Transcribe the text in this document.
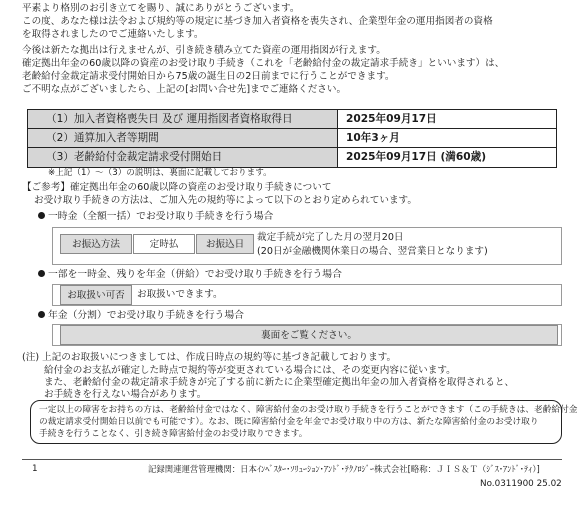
平素より格別のお引き立てを賜り、誠にありがとうございます。
この度、あなた様は法令および規約等の規定に基づき加入者資格を喪失され、企業型年金の運用指図者の資格
を取得されましたのでご連絡いたします。
今後は新たな拠出は行えませんが、引き続き積み立てた資産の運用指図が行えます。
確定拠出年金の60歳以降の資産のお受け取り手続き（これを「老齢給付金の裁定請求手続き」といいます）は、
老齢給付金裁定請求受付開始日から75歳の誕生日の2日前までに行うことができます。
ご不明な点がございましたら、上記の[お問い合せ先]までご連絡ください。
（1）加入者資格喪失日 及び 運用指図者資格取得日	2025年09月17日
（2）通算加入者等期間	10年3ヶ月
（3）老齢給付金裁定請求受付開始日	2025年09月17日 (満60歳)
※上記（1）～（3）の説明は、裏面に記載しております。
【ご参考】確定拠出年金の60歳以降の資産のお受け取り手続きについて
お受け取り手続きの方法は、ご加入先の規約等によって以下のとおり定められています。
一時金（全額一括）でお受け取り手続きを行う場合
お振込方法	定時払	お振込日
裁定手続が完了した月の翌月20日
(20日が金融機関休業日の場合、翌営業日となります)
一部を一時金、残りを年金（併給）でお受け取り手続きを行う場合
お取扱い可否	お取扱いできます。
年金（分割）でお受け取り手続きを行う場合
裏面をご覧ください。
(注) 上記のお取扱いにつきましては、作成日時点の規約等に基づき記載しております。
給付金のお支払が確定した時点で規約等が変更されている場合には、その変更内容に従います。
また、老齢給付金の裁定請求手続きが完了する前に新たに企業型確定拠出年金の加入者資格を取得されると、
お手続きを行えない場合があります。
一定以上の障害をお持ちの方は、老齢給付金ではなく、障害給付金のお受け取り手続きを行うことができます（この手続きは、老齢給付金
の裁定請求受付開始日以前でも可能です）。なお、既に障害給付金を年金でお受け取り中の方は、新たな障害給付金のお受け取り
手続きを行うことなく、引き続き障害給付金のお受け取りできます。
1	記録関連運営管理機関：日本ｲﾝﾍﾞｽﾀｰ･ｿﾘｭｰｼｮﾝ･ｱﾝﾄﾞ･ﾃｸﾉﾛｼﾞｰ株式会社[略称：ＪＩＳ＆Ｔ（ｼﾞｽ･ｱﾝﾄﾞ･ﾃｨ）]
No.0311900 25.02
